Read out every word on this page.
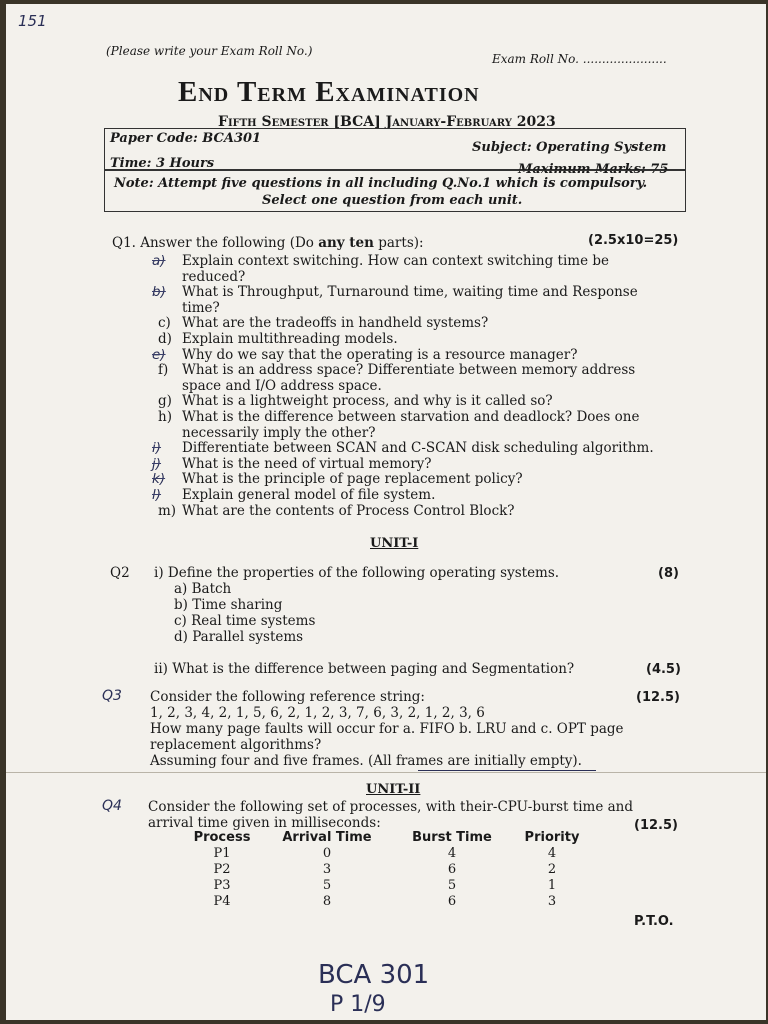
151
(Please write your Exam Roll No.)
Exam Roll No. ......................
End Term Examination
Fifth Semester [BCA] January-February 2023
Paper Code: BCA301
Subject: Operating System
Time: 3 Hours	Maximum Marks: 75
Note: Attempt five questions in all including Q.No.1 which is compulsory.
Select one question from each unit.
Q1. Answer the following (Do any ten parts):	(2.5x10=25)
UNIT-I
Q2 i) Define the properties of the following operating systems.	(8)
a) Batch
b) Time sharing
c) Real time systems
d) Parallel systems
ii) What is the difference between paging and Segmentation?	(4.5)
Q3 Consider the following reference string:	(12.5)
1, 2, 3, 4, 2, 1, 5, 6, 2, 1, 2, 3, 7, 6, 3, 2, 1, 2, 3, 6
How many page faults will occur for a. FIFO b. LRU and c. OPT page
replacement algorithms?
Assuming four and five frames. (All frames are initially empty).
UNIT-II
Q4 Consider the following set of processes, with their-CPU-burst time and
arrival time given in milliseconds:	(12.5)
Process	Arrival Time	Burst Time	Priority
P1	0	4	4
P2	3	6	2
P3	5	5	1
P4	8	6	3
P.T.O.
BCA 301
P 1/9
a) Explain context switching. How can context switching time be
reduced?
b) What is Throughput, Turnaround time, waiting time and Response
time?
c) What are the tradeoffs in handheld systems?
d) Explain multithreading models.
e) Why do we say that the operating is a resource manager?
f) What is an address space? Differentiate between memory address
space and I/O address space.
g) What is a lightweight process, and why is it called so?
h) What is the difference between starvation and deadlock? Does one
necessarily imply the other?
i) Differentiate between SCAN and C-SCAN disk scheduling algorithm.
j) What is the need of virtual memory?
k) What is the principle of page replacement policy?
l) Explain general model of file system.
m) What are the contents of Process Control Block?
